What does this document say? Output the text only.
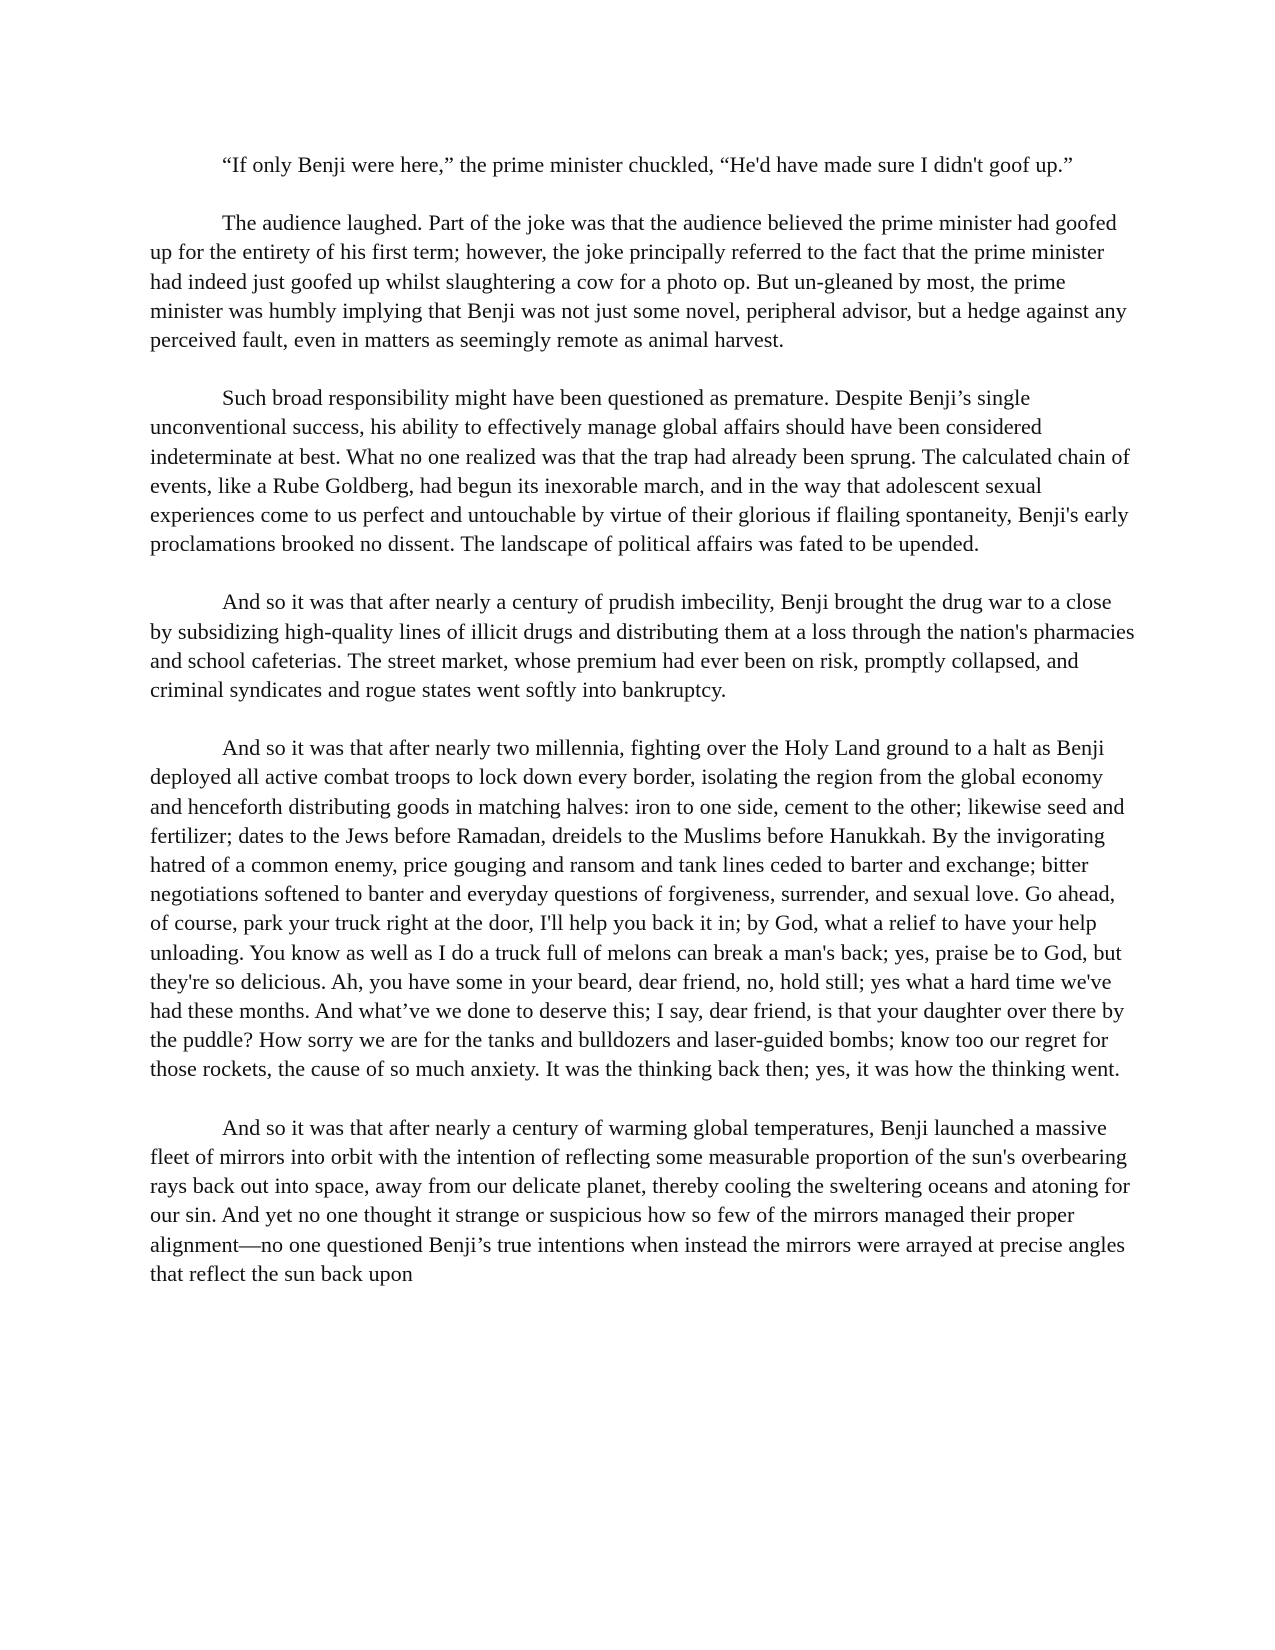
“If only Benji were here,” the prime minister chuckled, “He'd have made sure I didn't goof up.”

The audience laughed. Part of the joke was that the audience believed the prime minister had goofed up for the entirety of his first term; however, the joke principally referred to the fact that the prime minister had indeed just goofed up whilst slaughtering a cow for a photo op. But un-gleaned by most, the prime minister was humbly implying that Benji was not just some novel, peripheral advisor, but a hedge against any perceived fault, even in matters as seemingly remote as animal harvest.

Such broad responsibility might have been questioned as premature. Despite Benji’s single unconventional success, his ability to effectively manage global affairs should have been considered indeterminate at best. What no one realized was that the trap had already been sprung. The calculated chain of events, like a Rube Goldberg, had begun its inexorable march, and in the way that adolescent sexual experiences come to us perfect and untouchable by virtue of their glorious if flailing spontaneity, Benji's early proclamations brooked no dissent. The landscape of political affairs was fated to be upended.

And so it was that after nearly a century of prudish imbecility, Benji brought the drug war to a close by subsidizing high-quality lines of illicit drugs and distributing them at a loss through the nation's pharmacies and school cafeterias. The street market, whose premium had ever been on risk, promptly collapsed, and criminal syndicates and rogue states went softly into bankruptcy.

And so it was that after nearly two millennia, fighting over the Holy Land ground to a halt as Benji deployed all active combat troops to lock down every border, isolating the region from the global economy and henceforth distributing goods in matching halves: iron to one side, cement to the other; likewise seed and fertilizer; dates to the Jews before Ramadan, dreidels to the Muslims before Hanukkah. By the invigorating hatred of a common enemy, price gouging and ransom and tank lines ceded to barter and exchange; bitter negotiations softened to banter and everyday questions of forgiveness, surrender, and sexual love. Go ahead, of course, park your truck right at the door, I'll help you back it in; by God, what a relief to have your help unloading. You know as well as I do a truck full of melons can break a man's back; yes, praise be to God, but they're so delicious. Ah, you have some in your beard, dear friend, no, hold still; yes what a hard time we've had these months. And what’ve we done to deserve this; I say, dear friend, is that your daughter over there by the puddle? How sorry we are for the tanks and bulldozers and laser-guided bombs; know too our regret for those rockets, the cause of so much anxiety. It was the thinking back then; yes, it was how the thinking went.

And so it was that after nearly a century of warming global temperatures, Benji launched a massive fleet of mirrors into orbit with the intention of reflecting some measurable proportion of the sun's overbearing rays back out into space, away from our delicate planet, thereby cooling the sweltering oceans and atoning for our sin. And yet no one thought it strange or suspicious how so few of the mirrors managed their proper alignment—no one questioned Benji’s true intentions when instead the mirrors were arrayed at precise angles that reflect the sun back upon
